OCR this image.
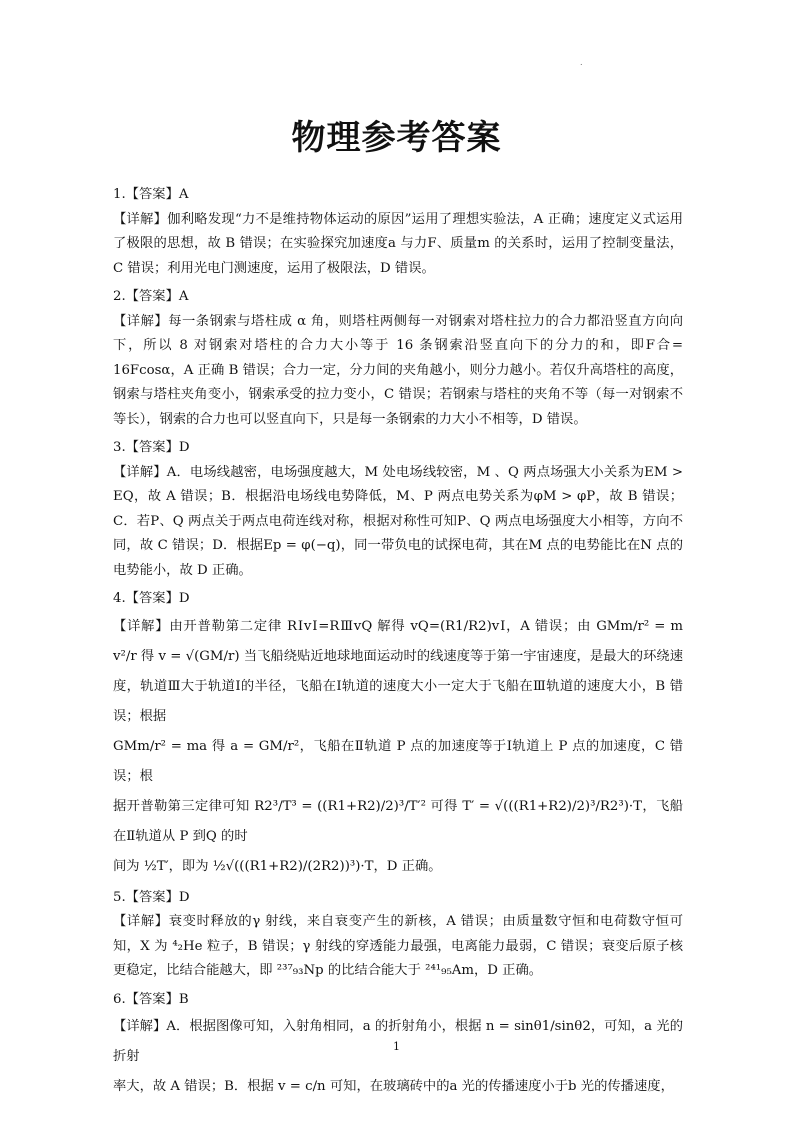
.
物理参考答案
1.【答案】A
【详解】伽利略发现“力不是维持物体运动的原因”运用了理想实验法，A 正确；速度定义式运用了极限的思想，故 B 错误；在实验探究加速度a 与力F、质量m 的关系时，运用了控制变量法，C 错误；利用光电门测速度，运用了极限法，D 错误。
2.【答案】A
【详解】每一条钢索与塔柱成 α 角，则塔柱两侧每一对钢索对塔柱拉力的合力都沿竖直方向向下，所以 8 对钢索对塔柱的合力大小等于 16 条钢索沿竖直向下的分力的和，即F合= 16Fcosα，A 正确 B 错误；合力一定，分力间的夹角越小，则分力越小。若仅升高塔柱的高度，钢索与塔柱夹角变小，钢索承受的拉力变小，C 错误；若钢索与塔柱的夹角不等（每一对钢索不等长），钢索的合力也可以竖直向下，只是每一条钢索的力大小不相等，D 错误。
3.【答案】D
【详解】A．电场线越密，电场强度越大，M 处电场线较密，M 、Q 两点场强大小关系为EM > EQ，故 A 错误；B．根据沿电场线电势降低，M、P 两点电势关系为φM > φP，故 B 错误；C．若P、Q 两点关于两点电荷连线对称，根据对称性可知P、Q 两点电场强度大小相等，方向不同，故 C 错误；D．根据Ep = φ(−q)，同一带负电的试探电荷，其在M 点的电势能比在N 点的电势能小，故 D 正确。
4.【答案】D
【详解】由开普勒第二定律 RⅠvⅠ=RⅢvQ 解得 vQ=(R1/R2)vⅠ，A 错误；由 GMm/r² = m v²/r 得 v = √(GM/r) 当飞船绕贴近地球地面运动时的线速度等于第一宇宙速度，是最大的环绕速度，轨道Ⅲ大于轨道Ⅰ的半径，飞船在Ⅰ轨道的速度大小一定大于飞船在Ⅲ轨道的速度大小，B 错误；根据
GMm/r² = ma 得 a = GM/r²，飞船在Ⅱ轨道 P 点的加速度等于Ⅰ轨道上 P 点的加速度，C 错误；根
据开普勒第三定律可知 R2³/T³ = ((R1+R2)/2)³/T′² 可得 T′ = √(((R1+R2)/2)³/R2³)·T，飞船在Ⅱ轨道从 P 到Q 的时
间为 ½T′，即为 ½√(((R1+R2)/(2R2))³)·T，D 正确。
5.【答案】D
【详解】衰变时释放的γ 射线，来自衰变产生的新核，A 错误；由质量数守恒和电荷数守恒可知，X 为 ⁴₂He 粒子，B 错误；γ 射线的穿透能力最强，电离能力最弱，C 错误；衰变后原子核更稳定，比结合能越大，即 ²³⁷₉₃Np 的比结合能大于 ²⁴¹₉₅Am，D 正确。
6.【答案】B
【详解】A．根据图像可知，入射角相同，a 的折射角小，根据 n = sinθ1/sinθ2，可知，a 光的折射
率大，故 A 错误；B．根据 v = c/n 可知，在玻璃砖中的a 光的传播速度小于b 光的传播速度，
1
